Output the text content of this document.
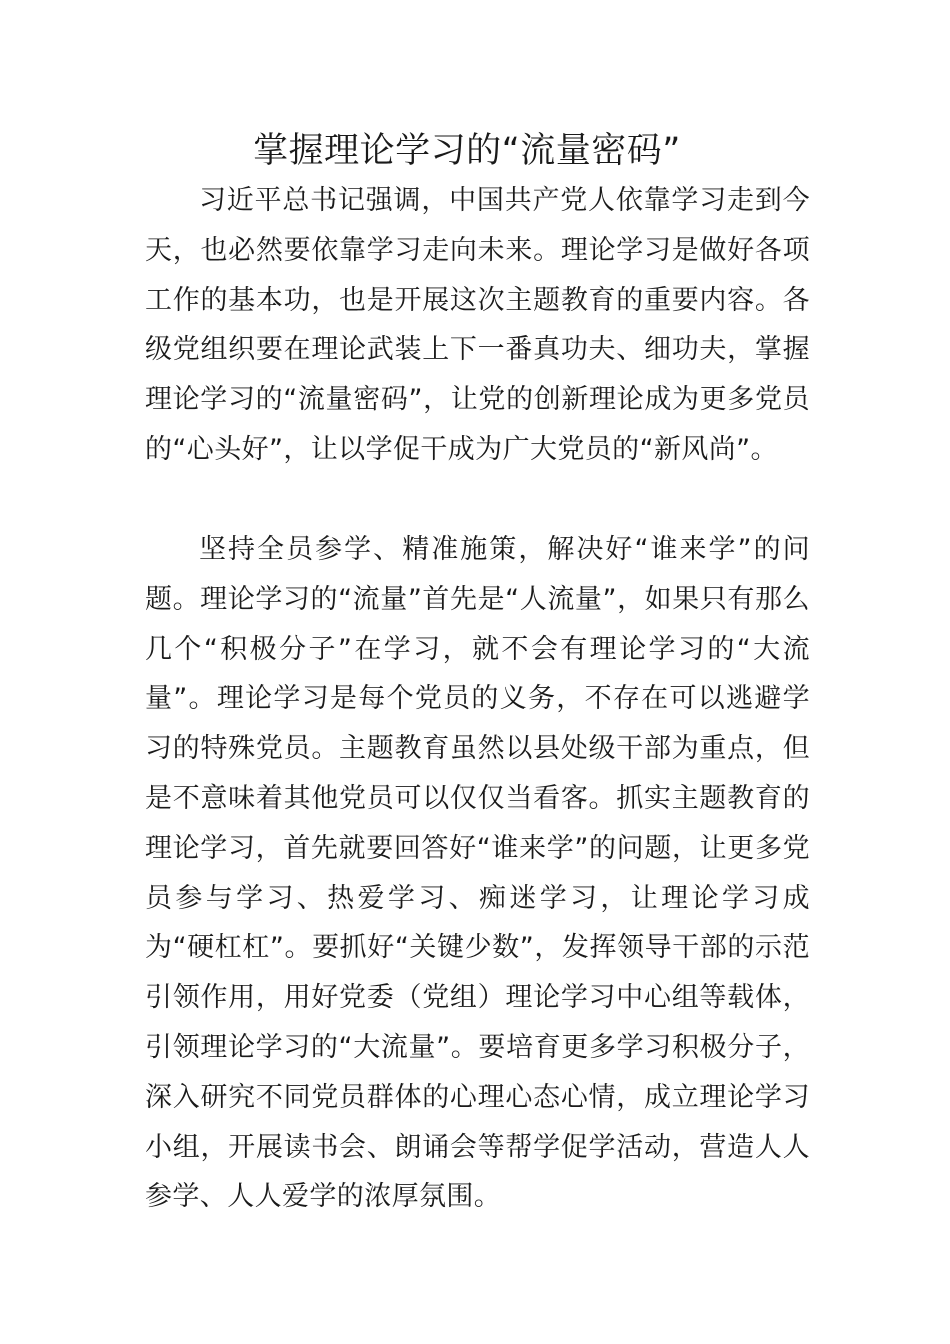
掌握理论学习的“流量密码”

习近平总书记强调，中国共产党人依靠学习走到今天，也必然要依靠学习走向未来。理论学习是做好各项工作的基本功，也是开展这次主题教育的重要内容。各级党组织要在理论武装上下一番真功夫、细功夫，掌握理论学习的“流量密码”，让党的创新理论成为更多党员的“心头好”，让以学促干成为广大党员的“新风尚”。

坚持全员参学、精准施策，解决好“谁来学”的问题。理论学习的“流量”首先是“人流量”，如果只有那么几个“积极分子”在学习，就不会有理论学习的“大流量”。理论学习是每个党员的义务，不存在可以逃避学习的特殊党员。主题教育虽然以县处级干部为重点，但是不意味着其他党员可以仅仅当看客。抓实主题教育的理论学习，首先就要回答好“谁来学”的问题，让更多党员参与学习、热爱学习、痴迷学习，让理论学习成为“硬杠杠”。要抓好“关键少数”，发挥领导干部的示范引领作用，用好党委（党组）理论学习中心组等载体，引领理论学习的“大流量”。要培育更多学习积极分子，深入研究不同党员群体的心理心态心情，成立理论学习小组，开展读书会、朗诵会等帮学促学活动，营造人人参学、人人爱学的浓厚氛围。
